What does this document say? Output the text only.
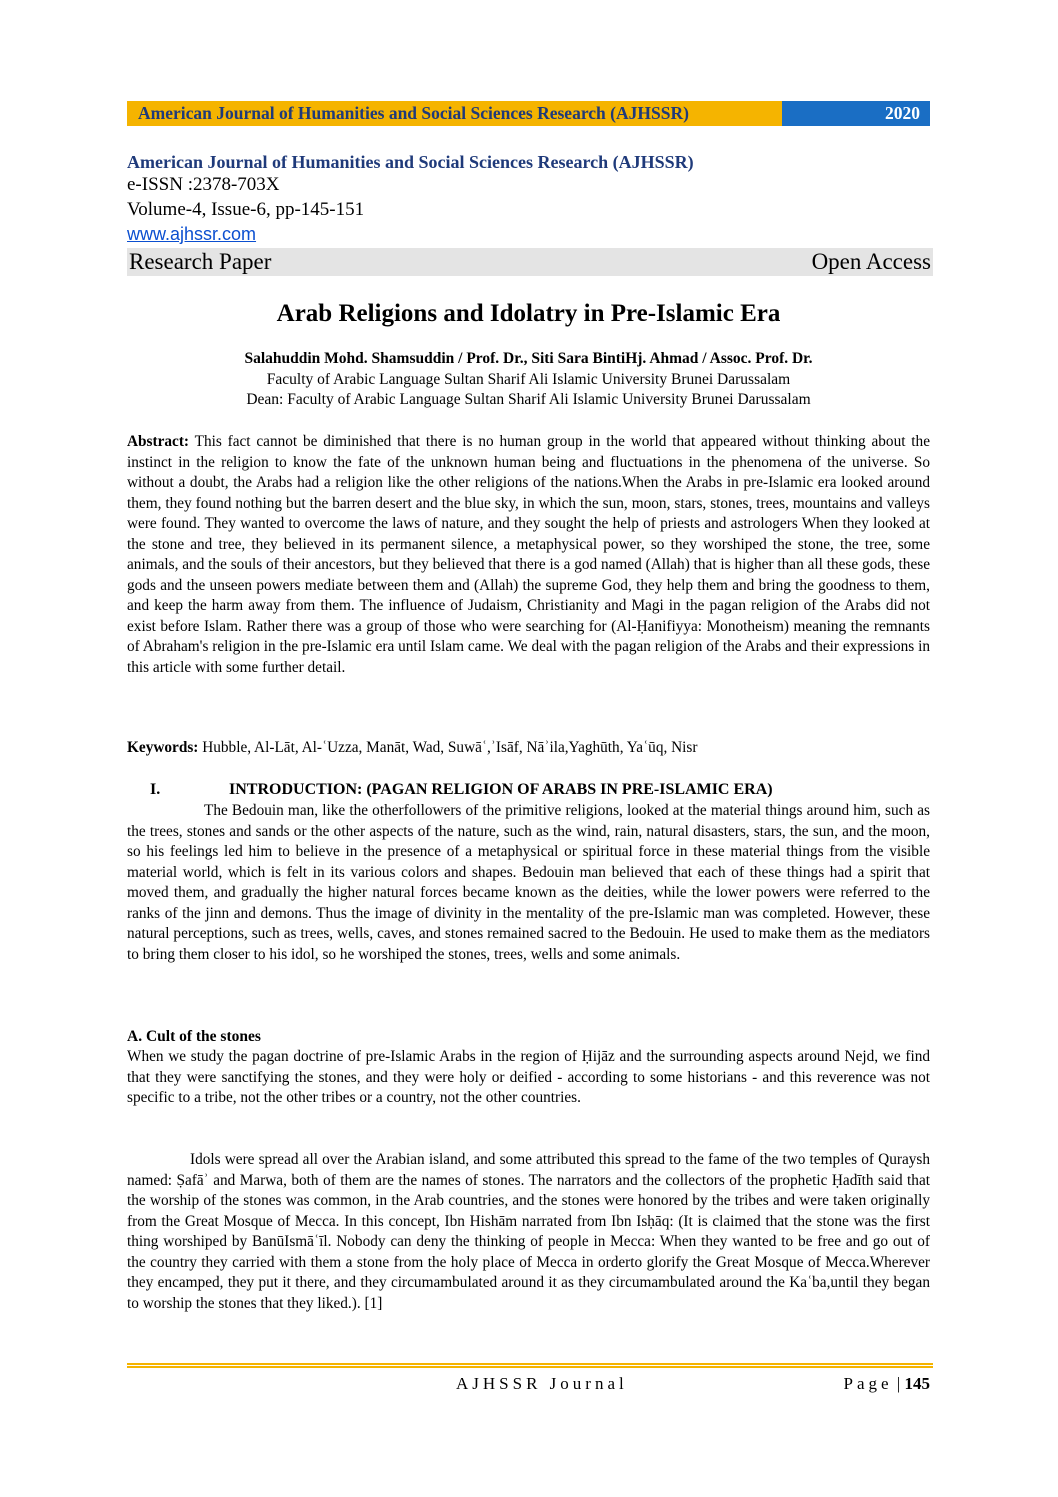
American Journal of Humanities and Social Sciences Research (AJHSSR)	2020
American Journal of Humanities and Social Sciences Research (AJHSSR)
e-ISSN :2378-703X
Volume-4, Issue-6, pp-145-151
www.ajhssr.com
Research Paper	Open Access
Arab Religions and Idolatry in Pre-Islamic Era
Salahuddin Mohd. Shamsuddin / Prof. Dr., Siti Sara BintiHj. Ahmad / Assoc. Prof. Dr.
Faculty of Arabic Language Sultan Sharif Ali Islamic University Brunei Darussalam
Dean: Faculty of Arabic Language Sultan Sharif Ali Islamic University Brunei Darussalam

Abstract: This fact cannot be diminished that there is no human group in the world that appeared without thinking about the instinct in the religion to know the fate of the unknown human being and fluctuations in the phenomena of the universe. So without a doubt, the Arabs had a religion like the other religions of the nations.When the Arabs in pre-Islamic era looked around them, they found nothing but the barren desert and the blue sky, in which the sun, moon, stars, stones, trees, mountains and valleys were found. They wanted to overcome the laws of nature, and they sought the help of priests and astrologers When they looked at the stone and tree, they believed in its permanent silence, a metaphysical power, so they worshiped the stone, the tree, some animals, and the souls of their ancestors, but they believed that there is a god named (Allah) that is higher than all these gods, these gods and the unseen powers mediate between them and (Allah) the supreme God, they help them and bring the goodness to them, and keep the harm away from them. The influence of Judaism, Christianity and Magi in the pagan religion of the Arabs did not exist before Islam. Rather there was a group of those who were searching for (Al-Ḥanifiyya: Monotheism) meaning the remnants of Abraham's religion in the pre-Islamic era until Islam came. We deal with the pagan religion of the Arabs and their expressions in this article with some further detail.

Keywords: Hubble, Al-Lāt, Al-ʿUzza, Manāt, Wad, Suwāʿ,ʾIsāf, Nāʾila,Yaghūth, Yaʿūq, Nisr

I.	INTRODUCTION: (PAGAN RELIGION OF ARABS IN PRE-ISLAMIC ERA)

The Bedouin man, like the otherfollowers of the primitive religions, looked at the material things around him, such as the trees, stones and sands or the other aspects of the nature, such as the wind, rain, natural disasters, stars, the sun, and the moon, so his feelings led him to believe in the presence of a metaphysical or spiritual force in these material things from the visible material world, which is felt in its various colors and shapes. Bedouin man believed that each of these things had a spirit that moved them, and gradually the higher natural forces became known as the deities, while the lower powers were referred to the ranks of the jinn and demons. Thus the image of divinity in the mentality of the pre-Islamic man was completed. However, these natural perceptions, such as trees, wells, caves, and stones remained sacred to the Bedouin. He used to make them as the mediators to bring them closer to his idol, so he worshiped the stones, trees, wells and some animals.

A. Cult of the stones

When we study the pagan doctrine of pre-Islamic Arabs in the region of Ḥijāz and the surrounding aspects around Nejd, we find that they were sanctifying the stones, and they were holy or deified - according to some historians - and this reverence was not specific to a tribe, not the other tribes or a country, not the other countries.

Idols were spread all over the Arabian island, and some attributed this spread to the fame of the two temples of Quraysh named: Ṣafāʾ and Marwa, both of them are the names of stones. The narrators and the collectors of the prophetic Ḥadīth said that the worship of the stones was common, in the Arab countries, and the stones were honored by the tribes and were taken originally from the Great Mosque of Mecca. In this concept, Ibn Hishām narrated from Ibn Isḥāq: (It is claimed that the stone was the first thing worshiped by BanūIsmāʿīl. Nobody can deny the thinking of people in Mecca: When they wanted to be free and go out of the country they carried with them a stone from the holy place of Mecca in orderto glorify the Great Mosque of Mecca.Wherever they encamped, they put it there, and they circumambulated around it as they circumambulated around the Kaʿba,until they began to worship the stones that they liked.). [1]

AJHSSR Journal	Page | 145
